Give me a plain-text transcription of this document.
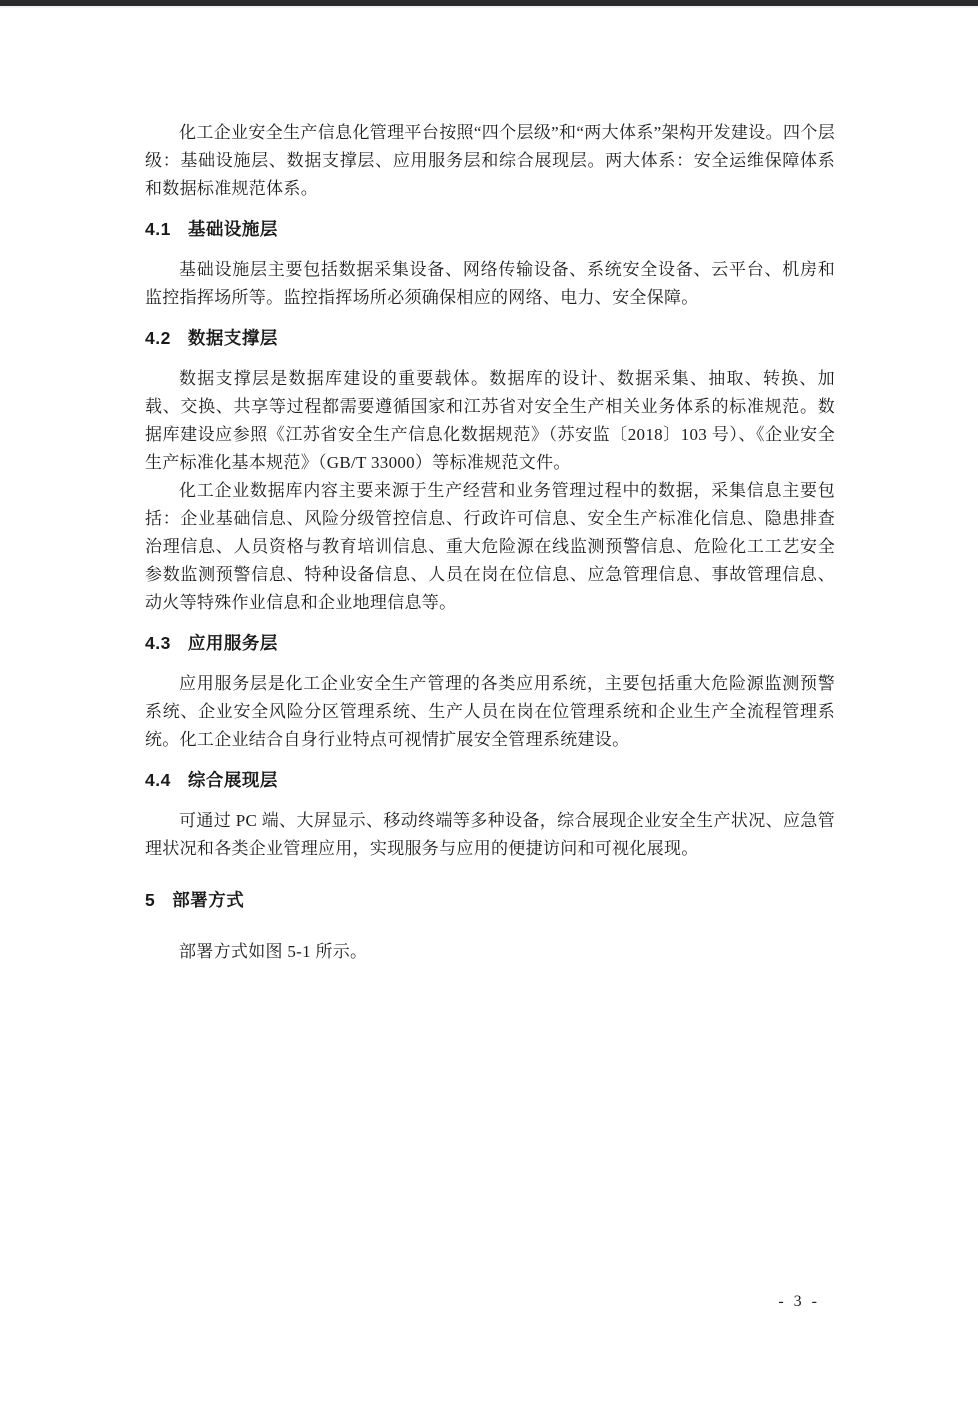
化工企业安全生产信息化管理平台按照“四个层级”和“两大体系”架构开发建设。四个层级：基础设施层、数据支撑层、应用服务层和综合展现层。两大体系：安全运维保障体系和数据标准规范体系。

4.1 基础设施层

基础设施层主要包括数据采集设备、网络传输设备、系统安全设备、云平台、机房和监控指挥场所等。监控指挥场所必须确保相应的网络、电力、安全保障。

4.2 数据支撑层

数据支撑层是数据库建设的重要载体。数据库的设计、数据采集、抽取、转换、加载、交换、共享等过程都需要遵循国家和江苏省对安全生产相关业务体系的标准规范。数据库建设应参照《江苏省安全生产信息化数据规范》（苏安监〔2018〕103 号）、《企业安全生产标准化基本规范》（GB/T 33000）等标准规范文件。

化工企业数据库内容主要来源于生产经营和业务管理过程中的数据，采集信息主要包括：企业基础信息、风险分级管控信息、行政许可信息、安全生产标准化信息、隐患排查治理信息、人员资格与教育培训信息、重大危险源在线监测预警信息、危险化工工艺安全参数监测预警信息、特种设备信息、人员在岗在位信息、应急管理信息、事故管理信息、动火等特殊作业信息和企业地理信息等。

4.3 应用服务层

应用服务层是化工企业安全生产管理的各类应用系统，主要包括重大危险源监测预警系统、企业安全风险分区管理系统、生产人员在岗在位管理系统和企业生产全流程管理系统。化工企业结合自身行业特点可视情扩展安全管理系统建设。

4.4 综合展现层

可通过 PC 端、大屏显示、移动终端等多种设备，综合展现企业安全生产状况、应急管理状况和各类企业管理应用，实现服务与应用的便捷访问和可视化展现。

5 部署方式

部署方式如图 5-1 所示。

- 3 -
